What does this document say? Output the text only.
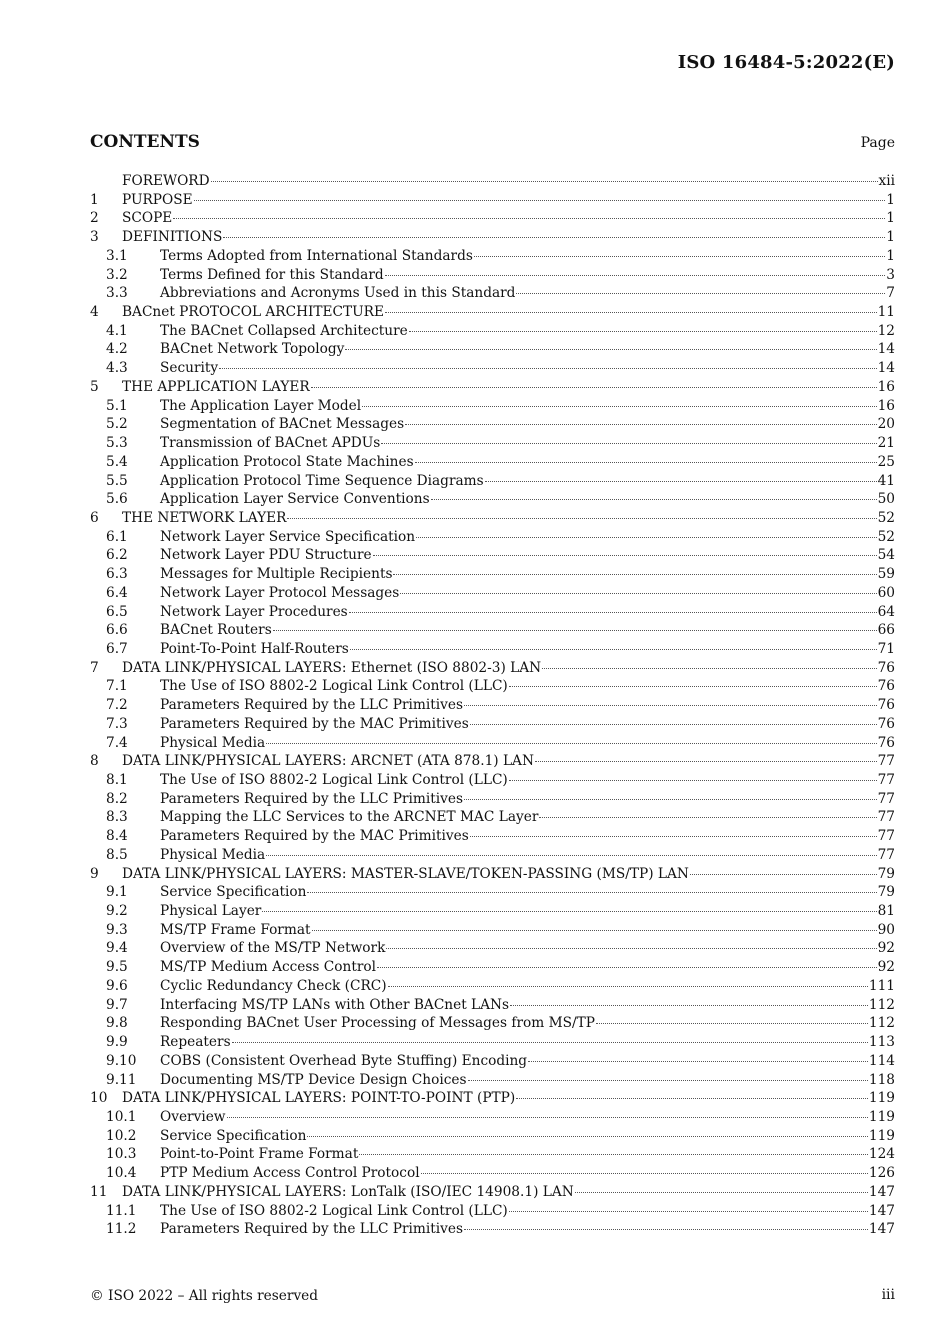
ISO 16484-5:2022(E)
CONTENTS	Page
FOREWORD	xii
1	PURPOSE	1
2	SCOPE	1
3	DEFINITIONS	1
3.1	Terms Adopted from International Standards	1
3.2	Terms Defined for this Standard	3
3.3	Abbreviations and Acronyms Used in this Standard	7
4	BACnet PROTOCOL ARCHITECTURE	11
4.1	The BACnet Collapsed Architecture	12
4.2	BACnet Network Topology	14
4.3	Security	14
5	THE APPLICATION LAYER	16
5.1	The Application Layer Model	16
5.2	Segmentation of BACnet Messages	20
5.3	Transmission of BACnet APDUs	21
5.4	Application Protocol State Machines	25
5.5	Application Protocol Time Sequence Diagrams	41
5.6	Application Layer Service Conventions	50
6	THE NETWORK LAYER	52
6.1	Network Layer Service Specification	52
6.2	Network Layer PDU Structure	54
6.3	Messages for Multiple Recipients	59
6.4	Network Layer Protocol Messages	60
6.5	Network Layer Procedures	64
6.6	BACnet Routers	66
6.7	Point-To-Point Half-Routers	71
7	DATA LINK/PHYSICAL LAYERS: Ethernet (ISO 8802-3) LAN	76
7.1	The Use of ISO 8802-2 Logical Link Control (LLC)	76
7.2	Parameters Required by the LLC Primitives	76
7.3	Parameters Required by the MAC Primitives	76
7.4	Physical Media	76
8	DATA LINK/PHYSICAL LAYERS: ARCNET (ATA 878.1) LAN	77
8.1	The Use of ISO 8802-2 Logical Link Control (LLC)	77
8.2	Parameters Required by the LLC Primitives	77
8.3	Mapping the LLC Services to the ARCNET MAC Layer	77
8.4	Parameters Required by the MAC Primitives	77
8.5	Physical Media	77
9	DATA LINK/PHYSICAL LAYERS: MASTER-SLAVE/TOKEN-PASSING (MS/TP) LAN	79
9.1	Service Specification	79
9.2	Physical Layer	81
9.3	MS/TP Frame Format	90
9.4	Overview of the MS/TP Network	92
9.5	MS/TP Medium Access Control	92
9.6	Cyclic Redundancy Check (CRC)	111
9.7	Interfacing MS/TP LANs with Other BACnet LANs	112
9.8	Responding BACnet User Processing of Messages from MS/TP	112
9.9	Repeaters	113
9.10	COBS (Consistent Overhead Byte Stuffing) Encoding	114
9.11	Documenting MS/TP Device Design Choices	118
10	DATA LINK/PHYSICAL LAYERS: POINT-TO-POINT (PTP)	119
10.1	Overview	119
10.2	Service Specification	119
10.3	Point-to-Point Frame Format	124
10.4	PTP Medium Access Control Protocol	126
11	DATA LINK/PHYSICAL LAYERS: LonTalk (ISO/IEC 14908.1) LAN	147
11.1	The Use of ISO 8802-2 Logical Link Control (LLC)	147
11.2	Parameters Required by the LLC Primitives	147
© ISO 2022 – All rights reserved	iii
